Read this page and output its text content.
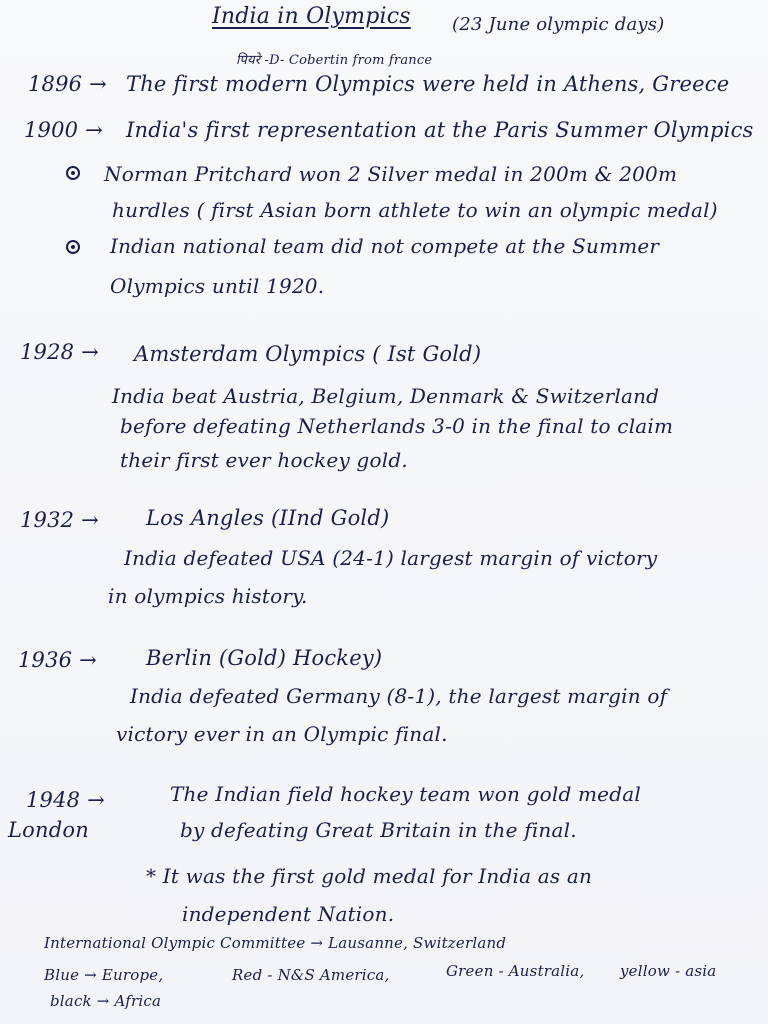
India in Olympics (23 June olympic days)
पियरे -D- Cobertin from france
1896 → The first modern Olympics were held in Athens, Greece
1900 → India's first representation at the Paris Summer Olympics
Norman Pritchard won 2 Silver medal in 200m & 200m
hurdles ( first Asian born athlete to win an olympic medal)
Indian national team did not compete at the Summer
Olympics until 1920.
1928 → Amsterdam Olympics ( Ist Gold)
India beat Austria, Belgium, Denmark & Switzerland
before defeating Netherlands 3-0 in the final to claim
their first ever hockey gold.
1932 → Los Angles (IInd Gold)
India defeated USA (24-1) largest margin of victory
in olympics history.
1936 → Berlin (Gold) Hockey)
India defeated Germany (8-1), the largest margin of
victory ever in an Olympic final.
1948 →
London
The Indian field hockey team won gold medal
by defeating Great Britain in the final.
* It was the first gold medal for India as an
independent Nation.
International Olympic Committee → Lausanne, Switzerland
Blue → Europe,	Red - N&S America,	Green - Australia, yellow - asia
black → Africa
